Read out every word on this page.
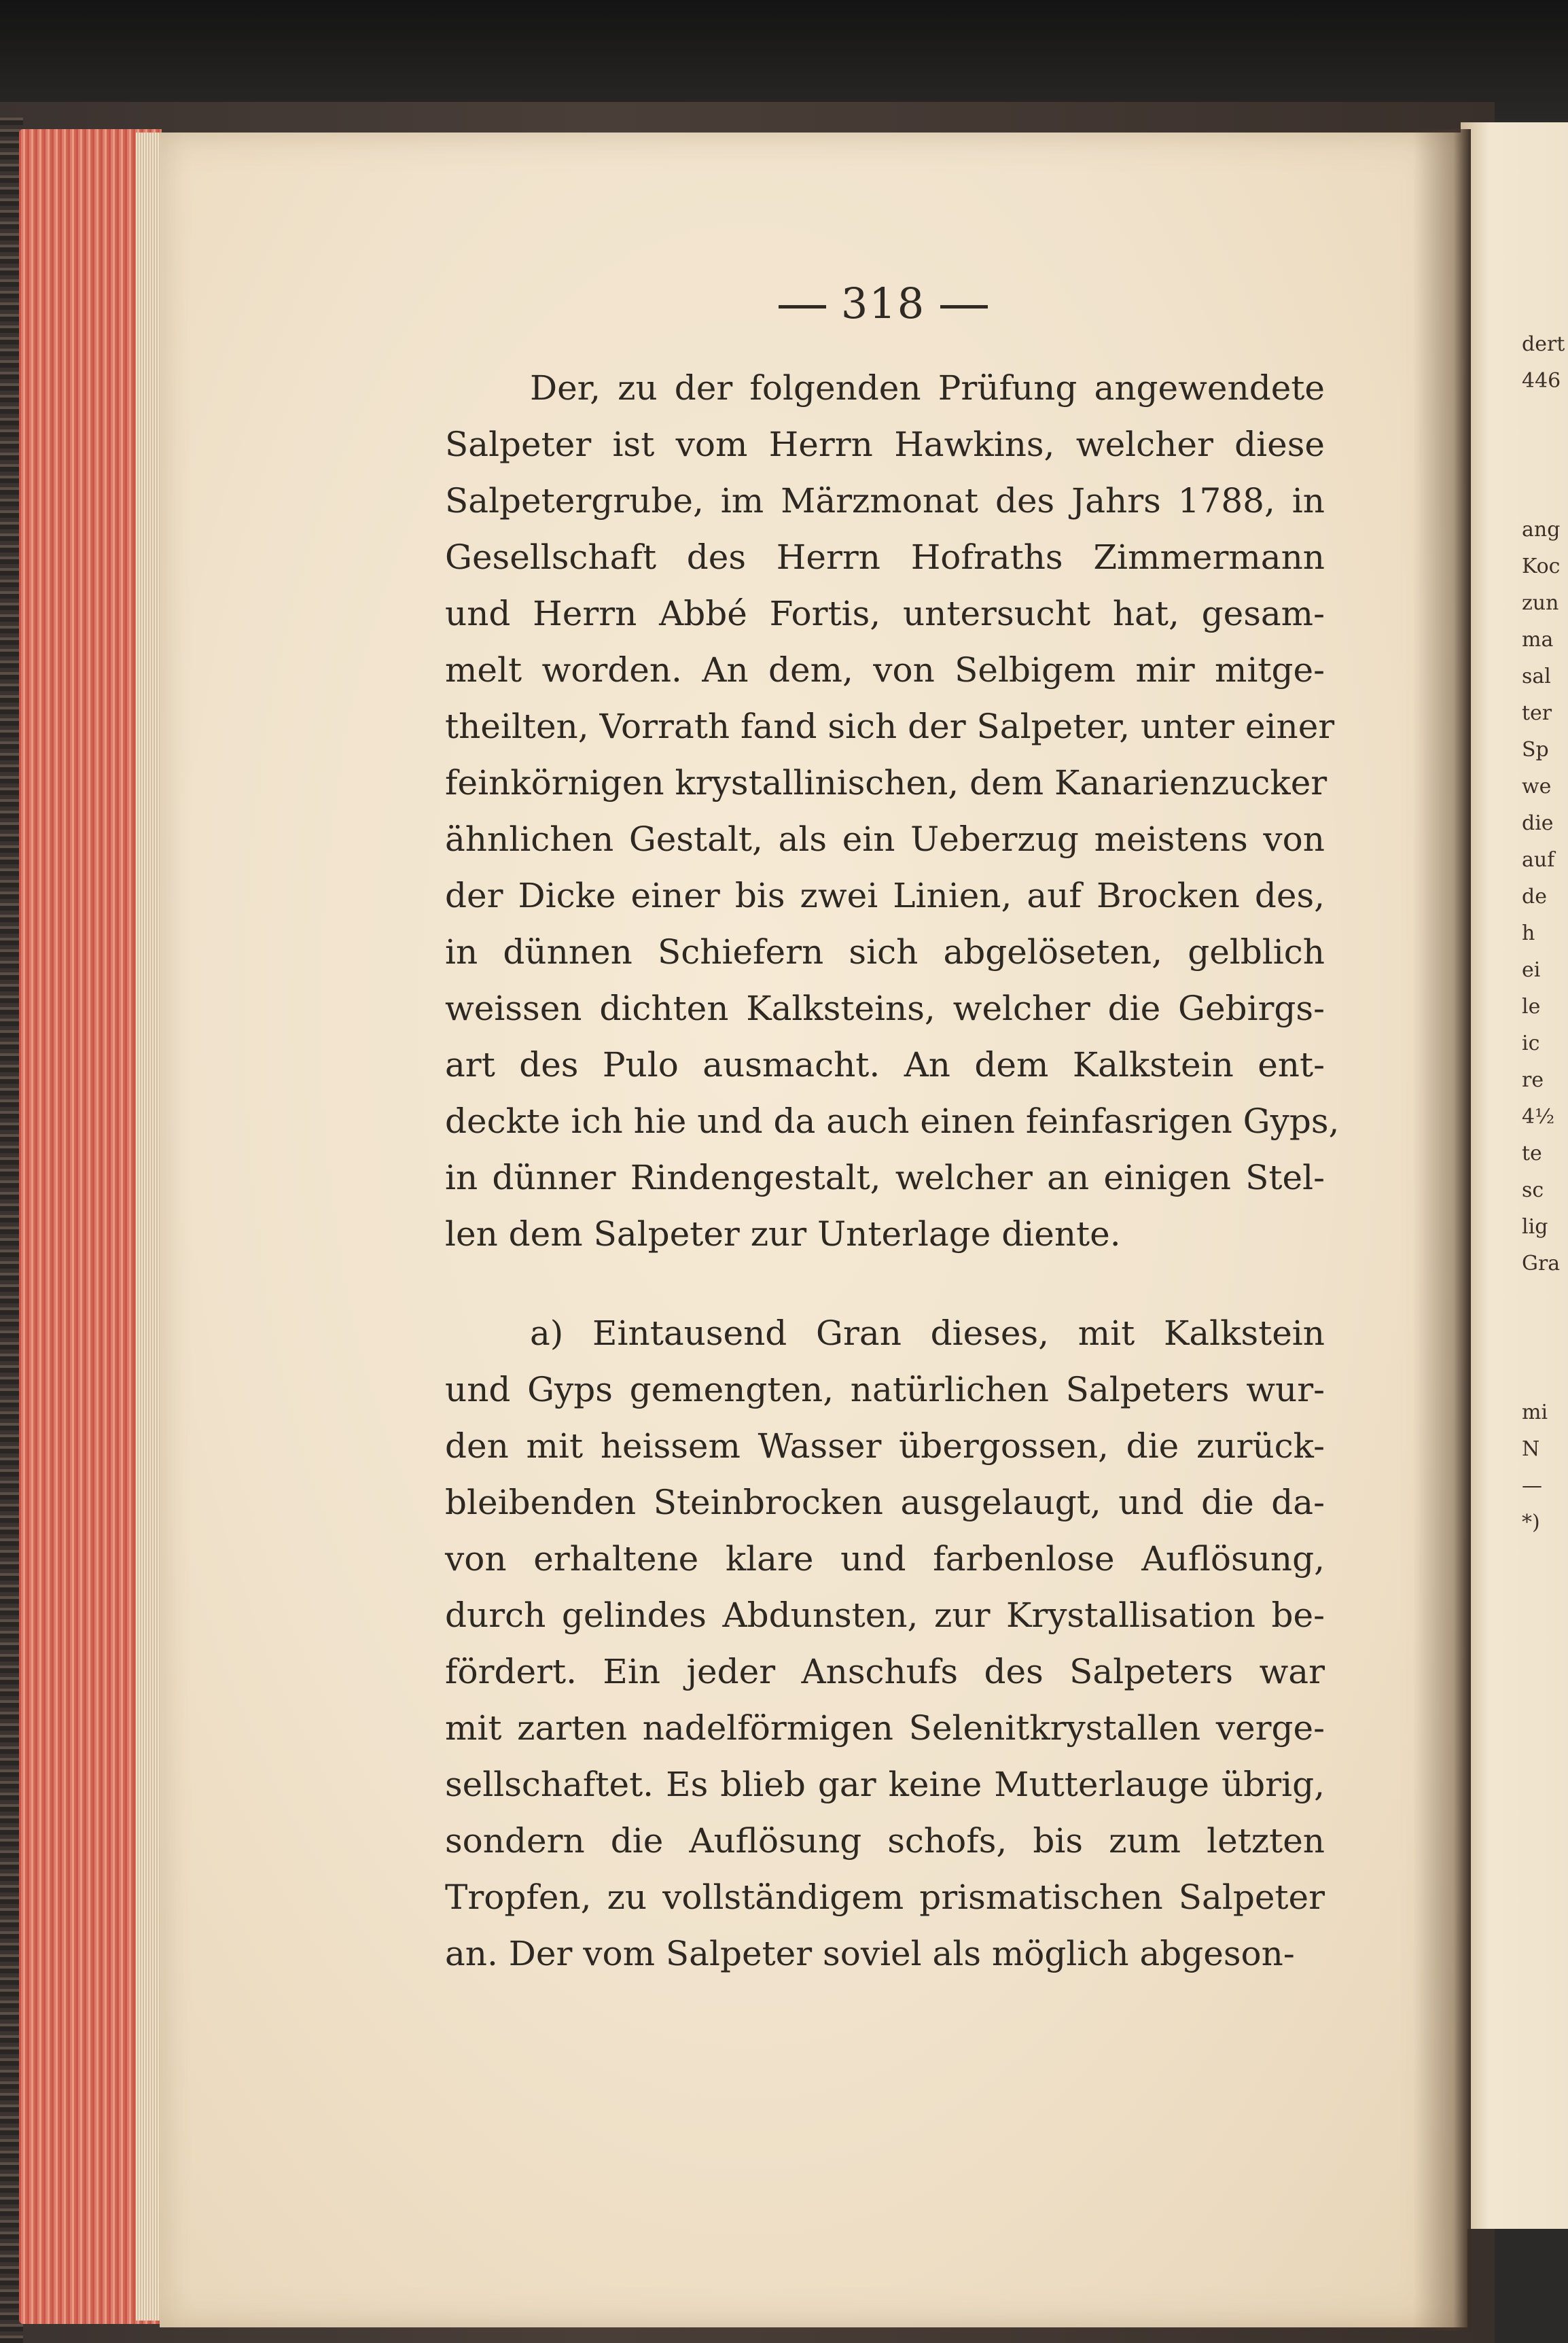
318
Der, zu der folgenden Prüfung angewendete
Salpeter ist vom Herrn Hawkins, welcher diese
Salpetergrube, im Märzmonat des Jahrs 1788, in
Gesellschaft des Herrn Hofraths Zimmermann
und Herrn Abbé Fortis, untersucht hat, gesam-
melt worden. An dem, von Selbigem mir mitge-
theilten, Vorrath fand sich der Salpeter, unter einer
feinkörnigen krystallinischen, dem Kanarienzucker
ähnlichen Gestalt, als ein Ueberzug meistens von
der Dicke einer bis zwei Linien, auf Brocken des,
in dünnen Schiefern sich abgelöseten, gelblich
weissen dichten Kalksteins, welcher die Gebirgs-
art des Pulo ausmacht. An dem Kalkstein ent-
deckte ich hie und da auch einen feinfasrigen Gyps,
in dünner Rindengestalt, welcher an einigen Stel-
len dem Salpeter zur Unterlage diente.
a) Eintausend Gran dieses, mit Kalkstein
und Gyps gemengten, natürlichen Salpeters wur-
den mit heissem Wasser übergossen, die zurück-
bleibenden Steinbrocken ausgelaugt, und die da-
von erhaltene klare und farbenlose Auflösung,
durch gelindes Abdunsten, zur Krystallisation be-
fördert. Ein jeder Anschufs des Salpeters war
mit zarten nadelförmigen Selenitkrystallen verge-
sellschaftet. Es blieb gar keine Mutterlauge übrig,
sondern die Auflösung schofs, bis zum letzten
Tropfen, zu vollständigem prismatischen Salpeter
an. Der vom Salpeter soviel als möglich abgeson-
dert
446
ang
Koc
zun
ma
sal
ter
Sp
we
die
auf
de
h
ei
le
ic
re
4½
te
sc
lig
Gra
mi
N
—
*)
